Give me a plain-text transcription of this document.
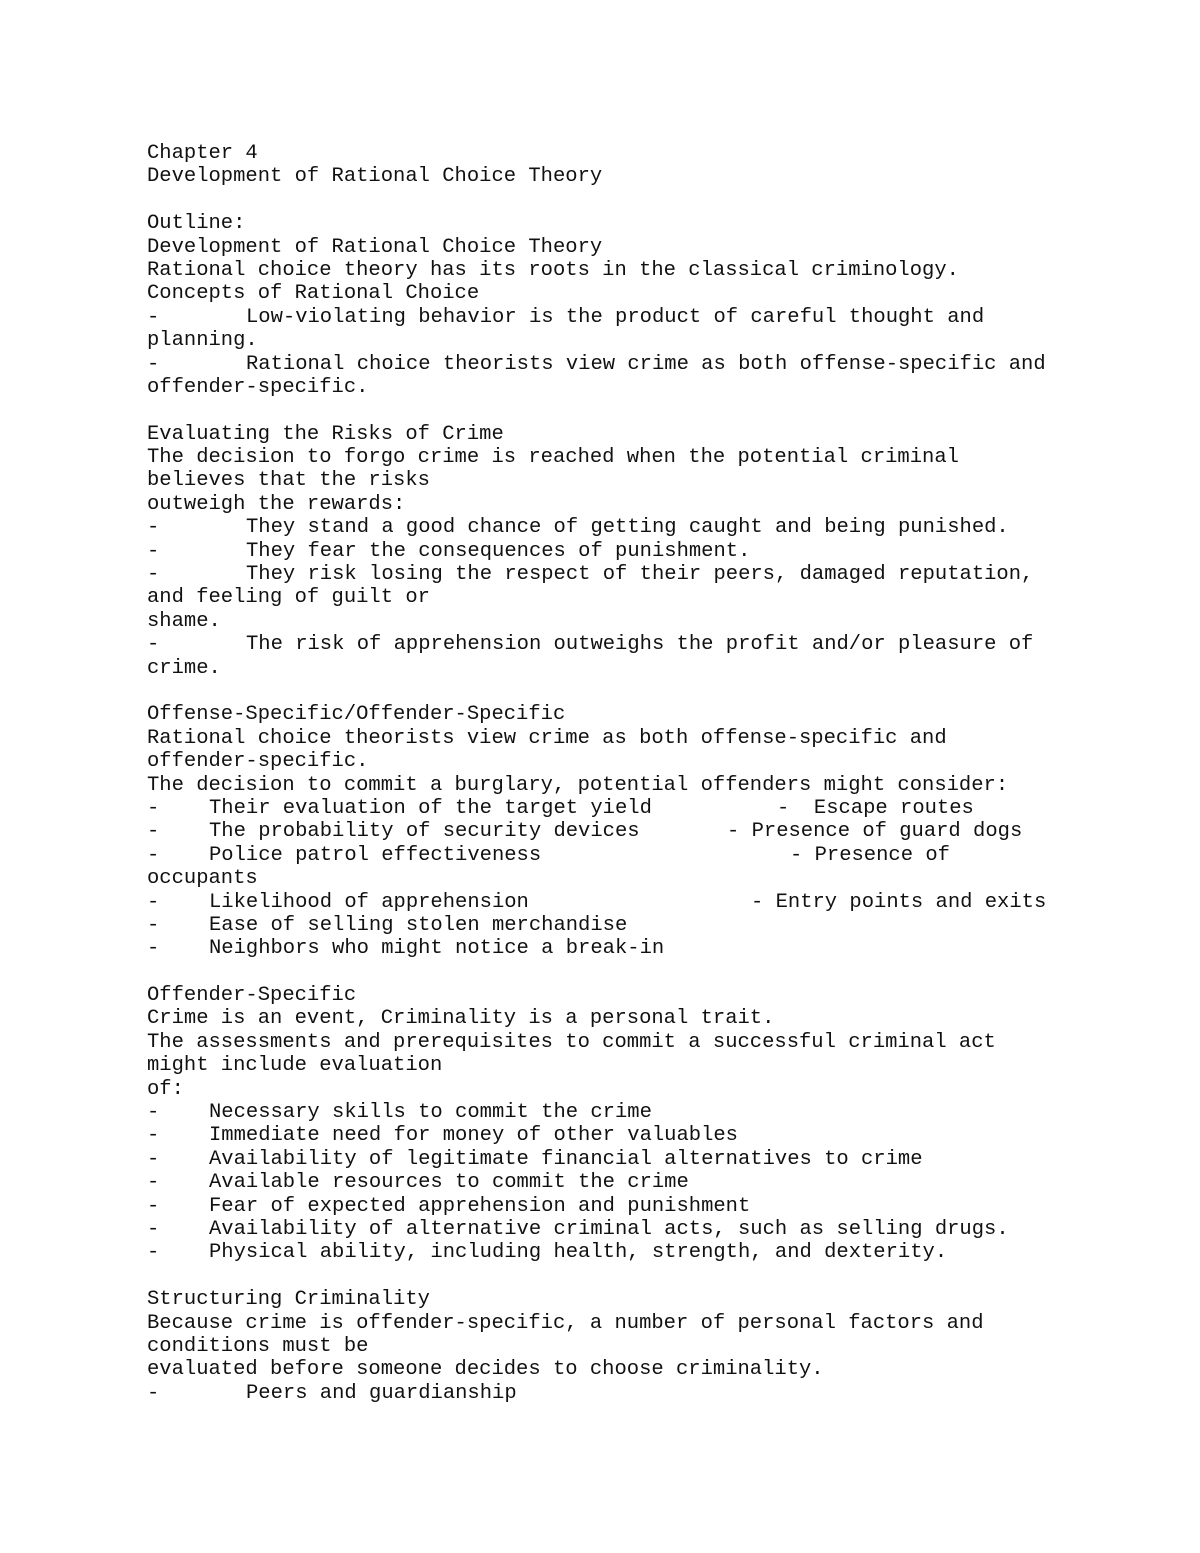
Chapter 4
Development of Rational Choice Theory
Outline:
Development of Rational Choice Theory
Rational choice theory has its roots in the classical criminology.
Concepts of Rational Choice
-	Low-violating behavior is the product of careful thought and
planning.
-	Rational choice theorists view crime as both offense-specific and
offender-specific.
Evaluating the Risks of Crime
The decision to forgo crime is reached when the potential criminal
believes that the risks
outweigh the rewards:
-	They stand a good chance of getting caught and being punished.
-	They fear the consequences of punishment.
-	They risk losing the respect of their peers, damaged reputation,
and feeling of guilt or
shame.
-	The risk of apprehension outweighs the profit and/or pleasure of
crime.
Offense-Specific/Offender-Specific
Rational choice theorists view crime as both offense-specific and
offender-specific.
The decision to commit a burglary, potential offenders might consider:
- Their evaluation of the target yield	-  Escape routes
- The probability of security devices	- Presence of guard dogs
- Police patrol effectiveness	- Presence of
occupants
- Likelihood of apprehension	- Entry points and exits
- Ease of selling stolen merchandise
- Neighbors who might notice a break-in
Offender-Specific
Crime is an event, Criminality is a personal trait.
The assessments and prerequisites to commit a successful criminal act
might include evaluation
of:
- Necessary skills to commit the crime
- Immediate need for money of other valuables
- Availability of legitimate financial alternatives to crime
- Available resources to commit the crime
- Fear of expected apprehension and punishment
- Availability of alternative criminal acts, such as selling drugs.
- Physical ability, including health, strength, and dexterity.
Structuring Criminality
Because crime is offender-specific, a number of personal factors and
conditions must be
evaluated before someone decides to choose criminality.
-	Peers and guardianship
